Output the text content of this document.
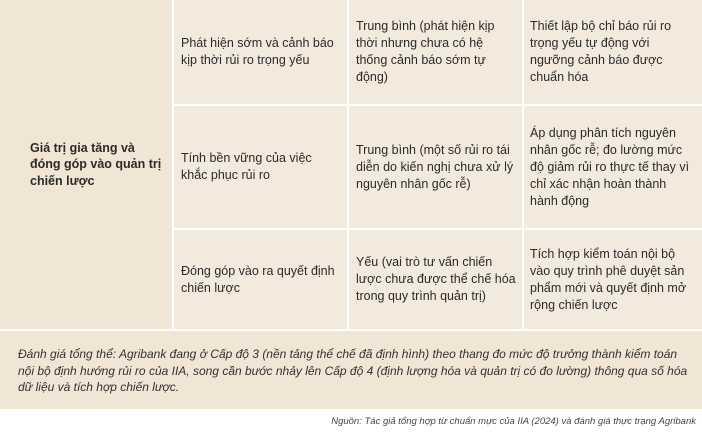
Giá trị gia tăng và đóng góp vào quản trị chiến lược
Phát hiện sớm và cảnh báo kịp thời rủi ro trọng yếu
Trung bình (phát hiện kịp thời nhưng chưa có hệ thống cảnh báo sớm tự động)
Thiết lập bộ chỉ báo rủi ro trọng yếu tự động với ngưỡng cảnh báo được chuẩn hóa
Tính bền vững của việc khắc phục rủi ro
Trung bình (một số rủi ro tái diễn do kiến nghị chưa xử lý nguyên nhân gốc rễ)
Áp dụng phân tích nguyên nhân gốc rễ; đo lường mức độ giảm rủi ro thực tế thay vì chỉ xác nhận hoàn thành hành động
Đóng góp vào ra quyết định chiến lược
Yếu (vai trò tư vấn chiến lược chưa được thể chế hóa trong quy trình quản trị)
Tích hợp kiểm toán nội bộ vào quy trình phê duyệt sản phẩm mới và quyết định mở rộng chiến lược
Đánh giá tổng thể: Agribank đang ở Cấp độ 3 (nền tảng thể chế đã định hình) theo thang đo mức độ trưởng thành kiểm toán nội bộ định hướng rủi ro của IIA, song cần bước nhảy lên Cấp độ 4 (định lượng hóa và quản trị có đo lường) thông qua số hóa dữ liệu và tích hợp chiến lược.
Nguồn: Tác giả tổng hợp từ chuẩn mực của IIA (2024) và đánh giá thực trạng Agribank
